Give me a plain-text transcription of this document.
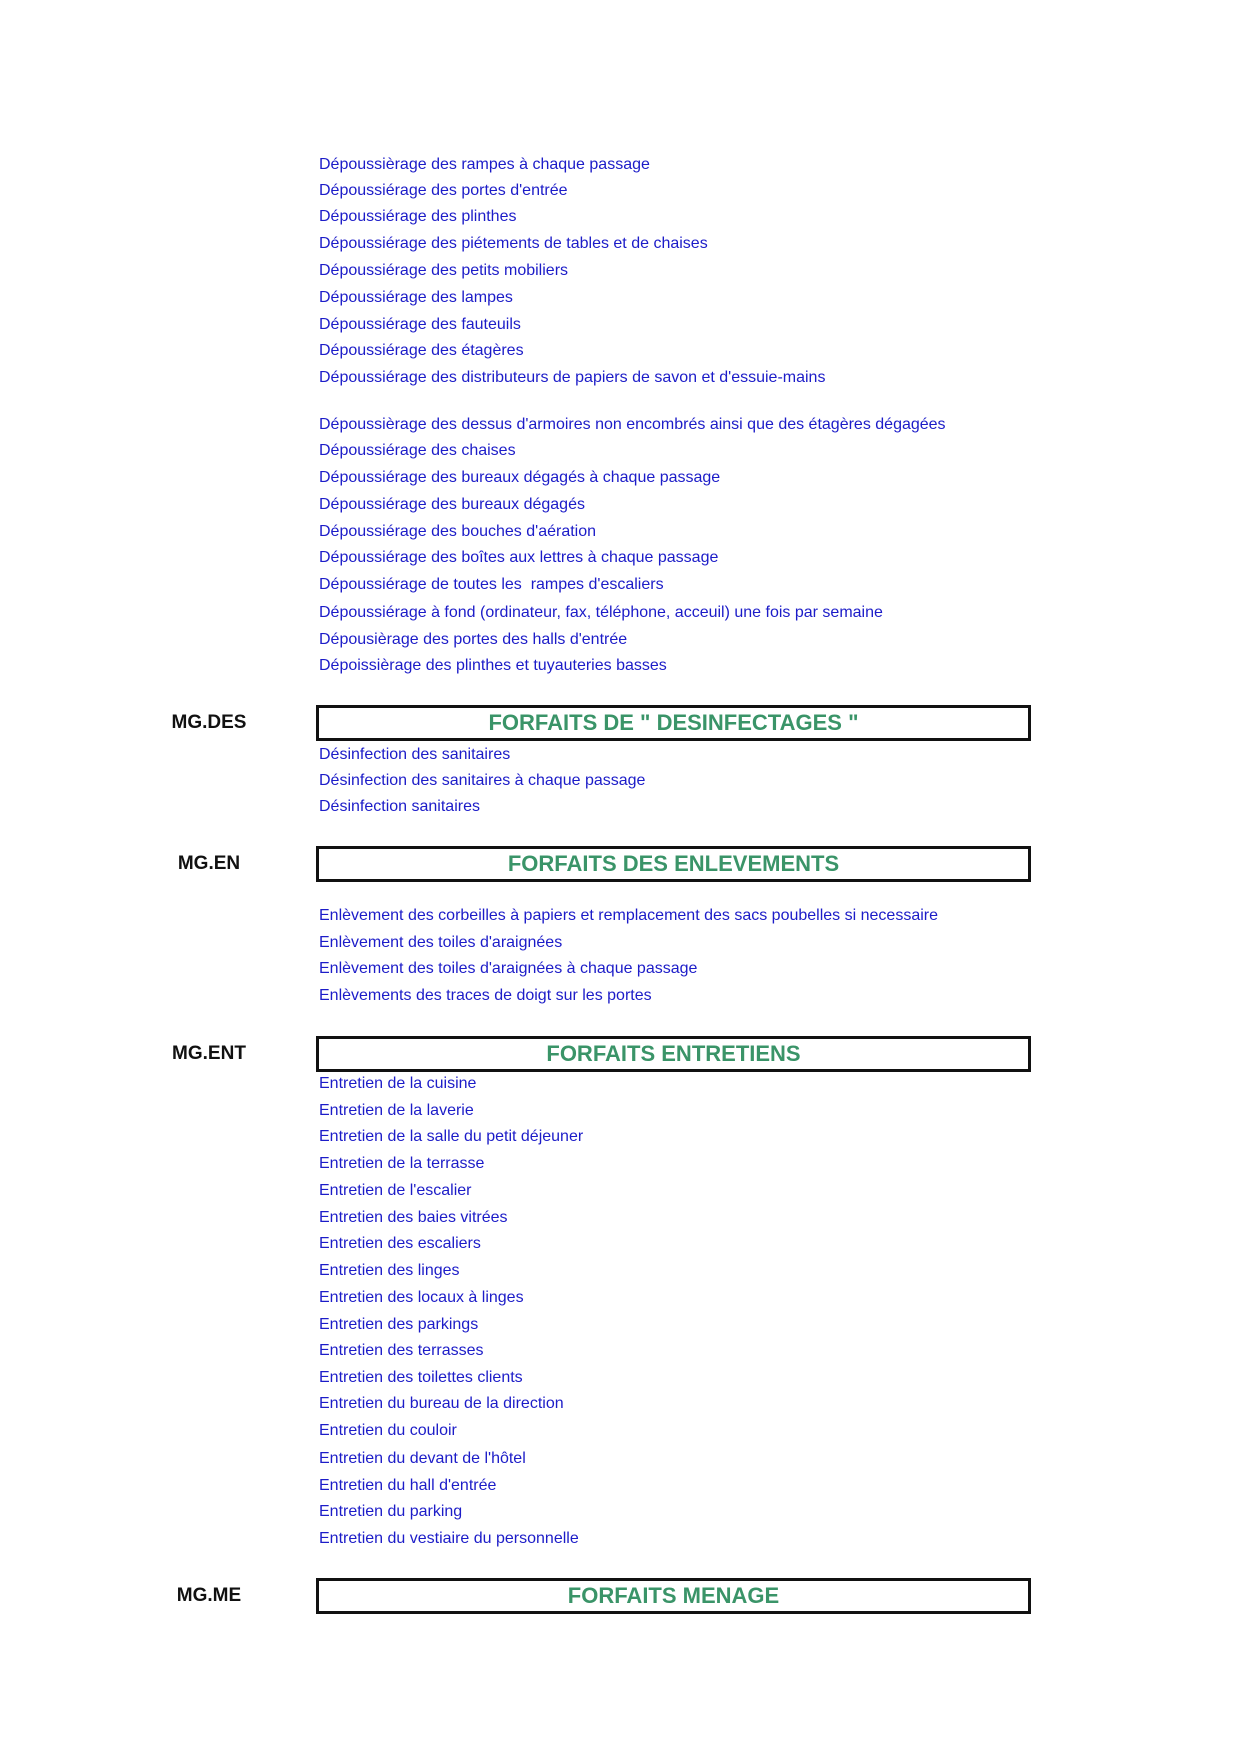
Dépoussièrage des rampes à chaque passage
Dépoussiérage des portes d'entrée
Dépoussiérage des plinthes
Dépoussiérage des piétements de tables et de chaises
Dépoussiérage des petits mobiliers
Dépoussiérage des lampes
Dépoussiérage des fauteuils
Dépoussiérage des étagères
Dépoussiérage des distributeurs de papiers de savon et d'essuie-mains
Dépoussièrage des dessus d'armoires non encombrés ainsi que des étagères dégagées
Dépoussiérage des chaises
Dépoussiérage des bureaux dégagés à chaque passage
Dépoussiérage des bureaux dégagés
Dépoussiérage des bouches d'aération
Dépoussiérage des boîtes aux lettres à chaque passage
Dépoussiérage de toutes les  rampes d'escaliers
Dépoussiérage à fond (ordinateur, fax, téléphone, acceuil) une fois par semaine
Dépousièrage des portes des halls d'entrée
Dépoissièrage des plinthes et tuyauteries basses
MG.DES	FORFAITS DE " DESINFECTAGES "
Désinfection des sanitaires
Désinfection des sanitaires à chaque passage
Désinfection sanitaires
MG.EN	FORFAITS DES ENLEVEMENTS
Enlèvement des corbeilles à papiers et remplacement des sacs poubelles si necessaire
Enlèvement des toiles d'araignées
Enlèvement des toiles d'araignées à chaque passage
Enlèvements des traces de doigt sur les portes
MG.ENT	FORFAITS ENTRETIENS
Entretien de la cuisine
Entretien de la laverie
Entretien de la salle du petit déjeuner
Entretien de la terrasse
Entretien de l'escalier
Entretien des baies vitrées
Entretien des escaliers
Entretien des linges
Entretien des locaux à linges
Entretien des parkings
Entretien des terrasses
Entretien des toilettes clients
Entretien du bureau de la direction
Entretien du couloir
Entretien du devant de l'hôtel
Entretien du hall d'entrée
Entretien du parking
Entretien du vestiaire du personnelle
MG.ME	FORFAITS MENAGE
